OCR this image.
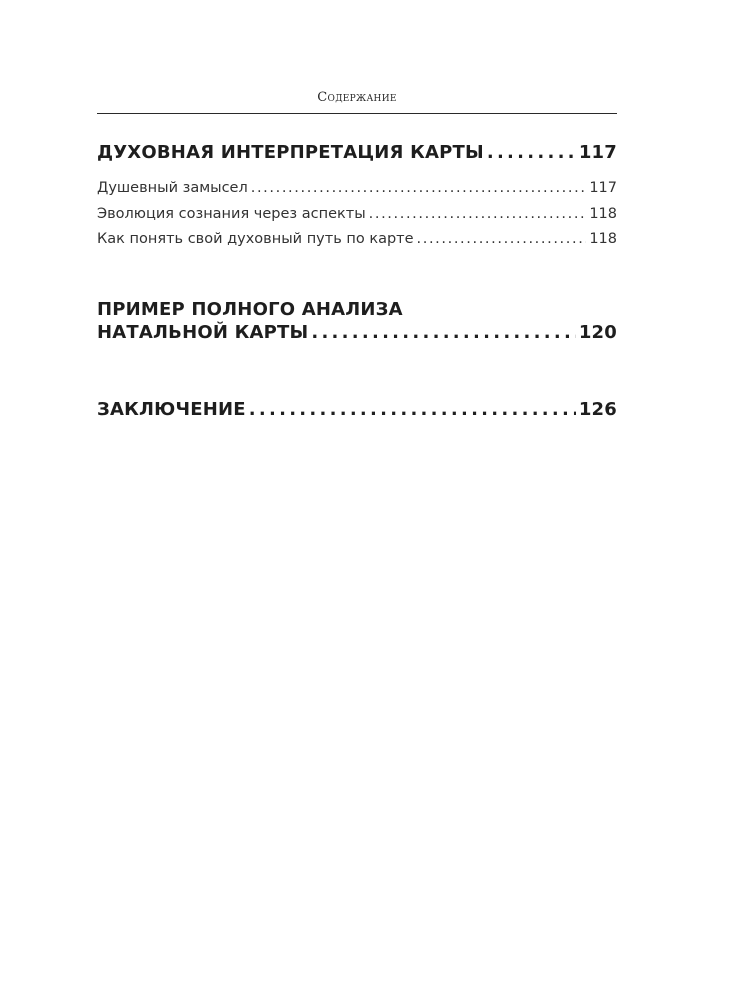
Содержание
ДУХОВНАЯ ИНТЕРПРЕТАЦИЯ КАРТЫ . . .	117
Душевный замысел . . .	117
Эволюция сознания через аспекты . . .	118
Как понять свой духовный путь по карте . . .	118
ПРИМЕР ПОЛНОГО АНАЛИЗА
НАТАЛЬНОЙ КАРТЫ . . .	120
ЗАКЛЮЧЕНИЕ . . .	126
